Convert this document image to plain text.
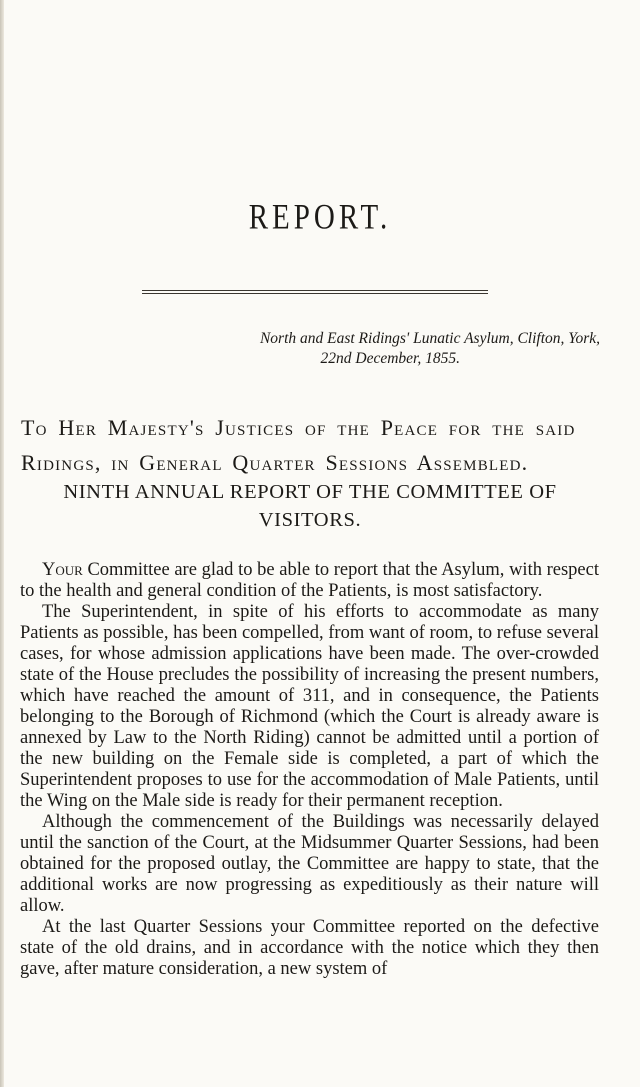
REPORT.
North and East Ridings' Lunatic Asylum, Clifton, York,
22nd December, 1855.
To Her Majesty's Justices of the Peace for the said
Ridings, in General Quarter Sessions Assembled.
NINTH ANNUAL REPORT OF THE COMMITTEE OF VISITORS.

Your Committee are glad to be able to report that the Asylum, with respect to the health and general condition of the Patients, is most satisfactory.

The Superintendent, in spite of his efforts to accommodate as many Patients as possible, has been compelled, from want of room, to refuse several cases, for whose admission applications have been made. The over-crowded state of the House precludes the possibility of increasing the present numbers, which have reached the amount of 311, and in consequence, the Patients belonging to the Borough of Richmond (which the Court is already aware is annexed by Law to the North Riding) cannot be admitted until a portion of the new building on the Female side is completed, a part of which the Superintendent proposes to use for the accommodation of Male Patients, until the Wing on the Male side is ready for their permanent reception.

Although the commencement of the Buildings was necessarily delayed until the sanction of the Court, at the Midsummer Quarter Sessions, had been obtained for the proposed outlay, the Committee are happy to state, that the additional works are now progressing as expeditiously as their nature will allow.

At the last Quarter Sessions your Committee reported on the defective state of the old drains, and in accordance with the notice which they then gave, after mature consideration, a new system of
